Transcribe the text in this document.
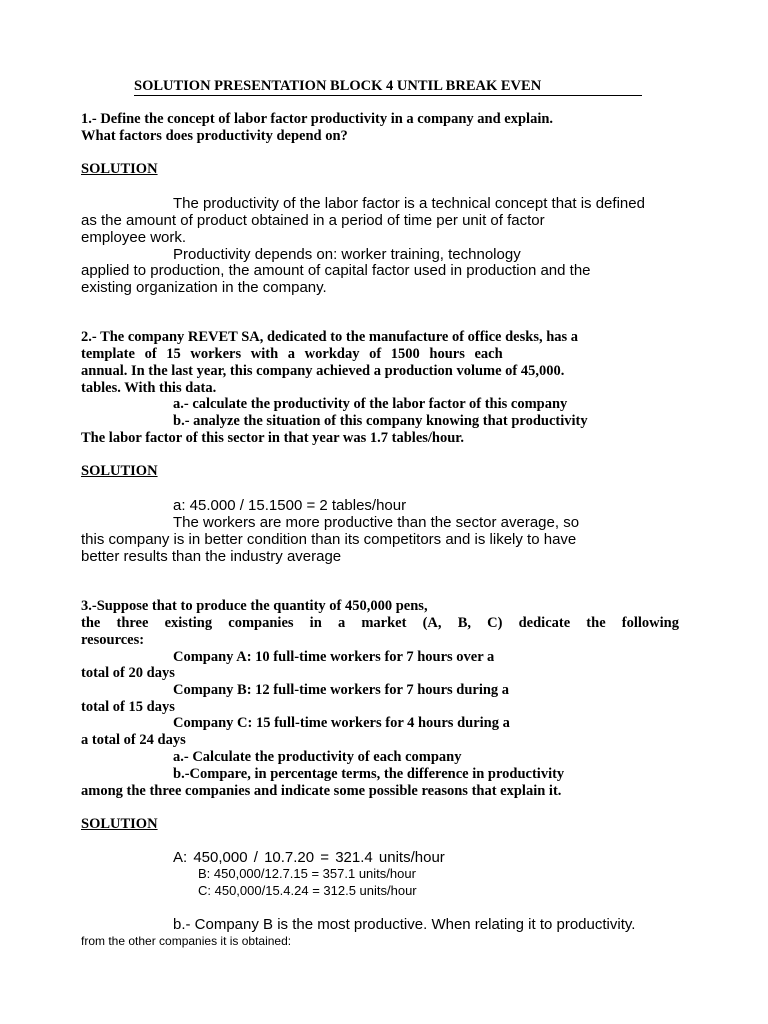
SOLUTION PRESENTATION BLOCK 4 UNTIL BREAK EVEN
1.- Define the concept of labor factor productivity in a company and explain.
What factors does productivity depend on?
SOLUTION
The productivity of the labor factor is a technical concept that is defined
as the amount of product obtained in a period of time per unit of factor
employee work.
Productivity depends on: worker training, technology
applied to production, the amount of capital factor used in production and the
existing organization in the company.
2.- The company REVET SA, dedicated to the manufacture of office desks, has a
template of 15 workers with a workday of 1500 hours each
annual. In the last year, this company achieved a production volume of 45,000.
tables. With this data.
a.- calculate the productivity of the labor factor of this company
b.- analyze the situation of this company knowing that productivity
The labor factor of this sector in that year was 1.7 tables/hour.
SOLUTION
a: 45.000 / 15.1500 = 2 tables/hour
The workers are more productive than the sector average, so
this company is in better condition than its competitors and is likely to have
better results than the industry average
3.-Suppose that to produce the quantity of 450,000 pens,
the three existing companies in a market (A, B, C) dedicate the following
resources:
Company A: 10 full-time workers for 7 hours over a
total of 20 days
Company B: 12 full-time workers for 7 hours during a
total of 15 days
Company C: 15 full-time workers for 4 hours during a
a total of 24 days
a.- Calculate the productivity of each company
b.-Compare, in percentage terms, the difference in productivity
among the three companies and indicate some possible reasons that explain it.
SOLUTION
A: 450,000 / 10.7.20 = 321.4 units/hour
B: 450,000/12.7.15 = 357.1 units/hour
C: 450,000/15.4.24 = 312.5 units/hour
b.- Company B is the most productive. When relating it to productivity.
from the other companies it is obtained:
